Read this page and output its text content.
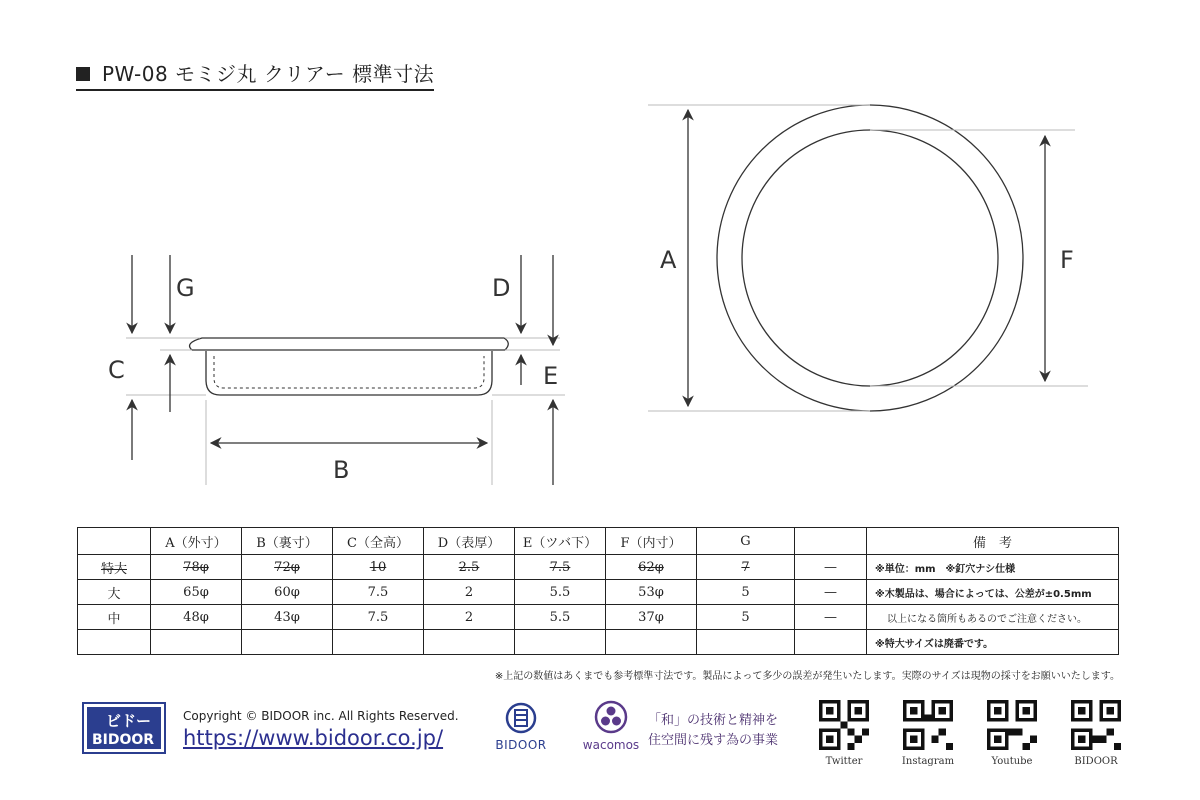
PW-08 モミジ丸 クリアー 標準寸法
C
G	D
E
B
A	F
	A（外寸）	B（裏寸）	C（全高）	D（表厚）	E（ツバ下）	F（内寸）	G		備　考
特大	78φ	72φ	10	2.5	7.5	62φ	7	—	※単位：mm　※釘穴ナシ仕様
大	65φ	60φ	7.5	2	5.5	53φ	5	—	※木製品は、場合によっては、公差が±0.5mm
中	48φ	43φ	7.5	2	5.5	37φ	5	—	以上になる箇所もあるのでご注意ください。
									※特大サイズは廃番です。
※上記の数値はあくまでも参考標準寸法です。製品によって多少の誤差が発生いたします。実際のサイズは現物の採寸をお願いいたします。
ビドー
BIDOOR
Copyright © BIDOOR inc. All Rights Reserved.
https://www.bidoor.co.jp/	BIDOOR	wacomos
「和」の技術と精神を
住空間に残す為の事業
Twitter	Instagram	Youtube	BIDOOR
